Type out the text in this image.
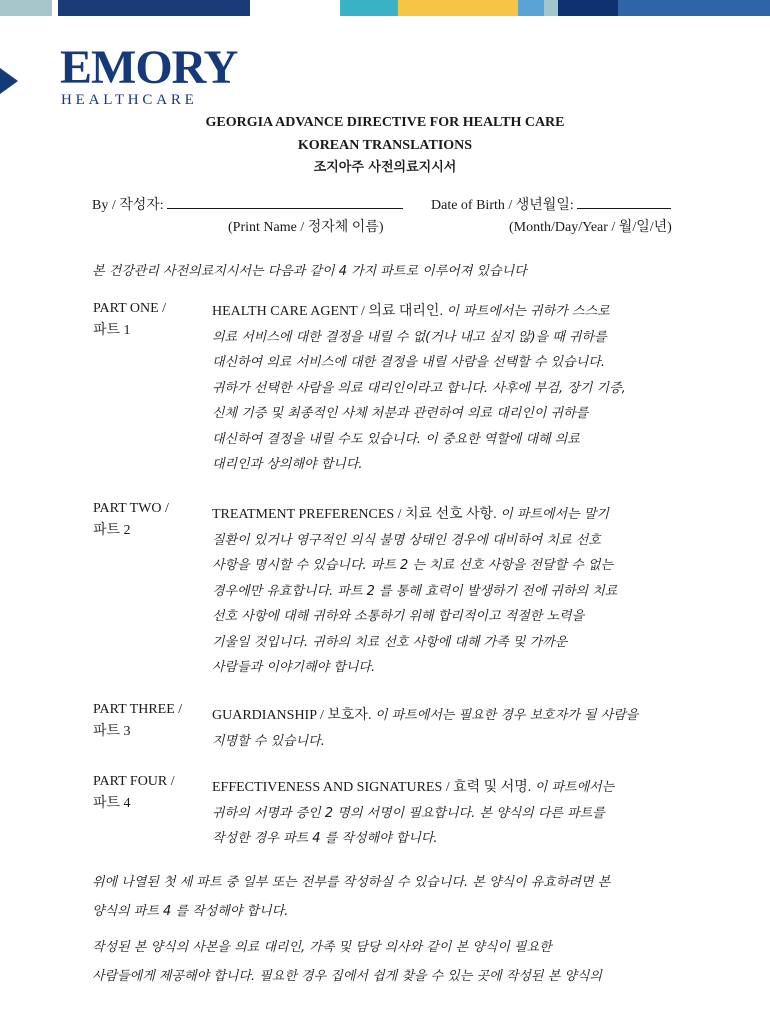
EMORY
HEALTHCARE
GEORGIA ADVANCE DIRECTIVE FOR HEALTH CARE
KOREAN TRANSLATIONS
조지아주 사전의료지시서
By / 작성자:	Date of Birth / 생년월일:
(Print Name / 정자체 이름)	(Month/Day/Year / 월/일/년)
본 건강관리 사전의료지시서는 다음과 같이 4 가지 파트로 이루어져 있습니다
PART ONE /
파트 1
HEALTH CARE AGENT / 의료 대리인. 이 파트에서는 귀하가 스스로
의료 서비스에 대한 결정을 내릴 수 없(거나 내고 싶지 않)을 때 귀하를
대신하여 의료 서비스에 대한 결정을 내릴 사람을 선택할 수 있습니다.
귀하가 선택한 사람을 의료 대리인이라고 합니다. 사후에 부검, 장기 기증,
신체 기증 및 최종적인 사체 처분과 관련하여 의료 대리인이 귀하를
대신하여 결정을 내릴 수도 있습니다. 이 중요한 역할에 대해 의료
대리인과 상의해야 합니다.
PART TWO /
파트 2
TREATMENT PREFERENCES / 치료 선호 사항. 이 파트에서는 말기
질환이 있거나 영구적인 의식 불명 상태인 경우에 대비하여 치료 선호
사항을 명시할 수 있습니다. 파트 2 는 치료 선호 사항을 전달할 수 없는
경우에만 유효합니다. 파트 2 를 통해 효력이 발생하기 전에 귀하의 치료
선호 사항에 대해 귀하와 소통하기 위해 합리적이고 적절한 노력을
기울일 것입니다. 귀하의 치료 선호 사항에 대해 가족 및 가까운
사람들과 이야기해야 합니다.
PART THREE /
파트 3
GUARDIANSHIP / 보호자. 이 파트에서는 필요한 경우 보호자가 될 사람을
지명할 수 있습니다.
PART FOUR /
파트 4
EFFECTIVENESS AND SIGNATURES / 효력 및 서명. 이 파트에서는
귀하의 서명과 증인 2 명의 서명이 필요합니다. 본 양식의 다른 파트를
작성한 경우 파트 4 를 작성해야 합니다.
위에 나열된 첫 세 파트 중 일부 또는 전부를 작성하실 수 있습니다. 본 양식이 유효하려면 본
양식의 파트 4 를 작성해야 합니다.
작성된 본 양식의 사본을 의료 대리인, 가족 및 담당 의사와 같이 본 양식이 필요한
사람들에게 제공해야 합니다. 필요한 경우 집에서 쉽게 찾을 수 있는 곳에 작성된 본 양식의
